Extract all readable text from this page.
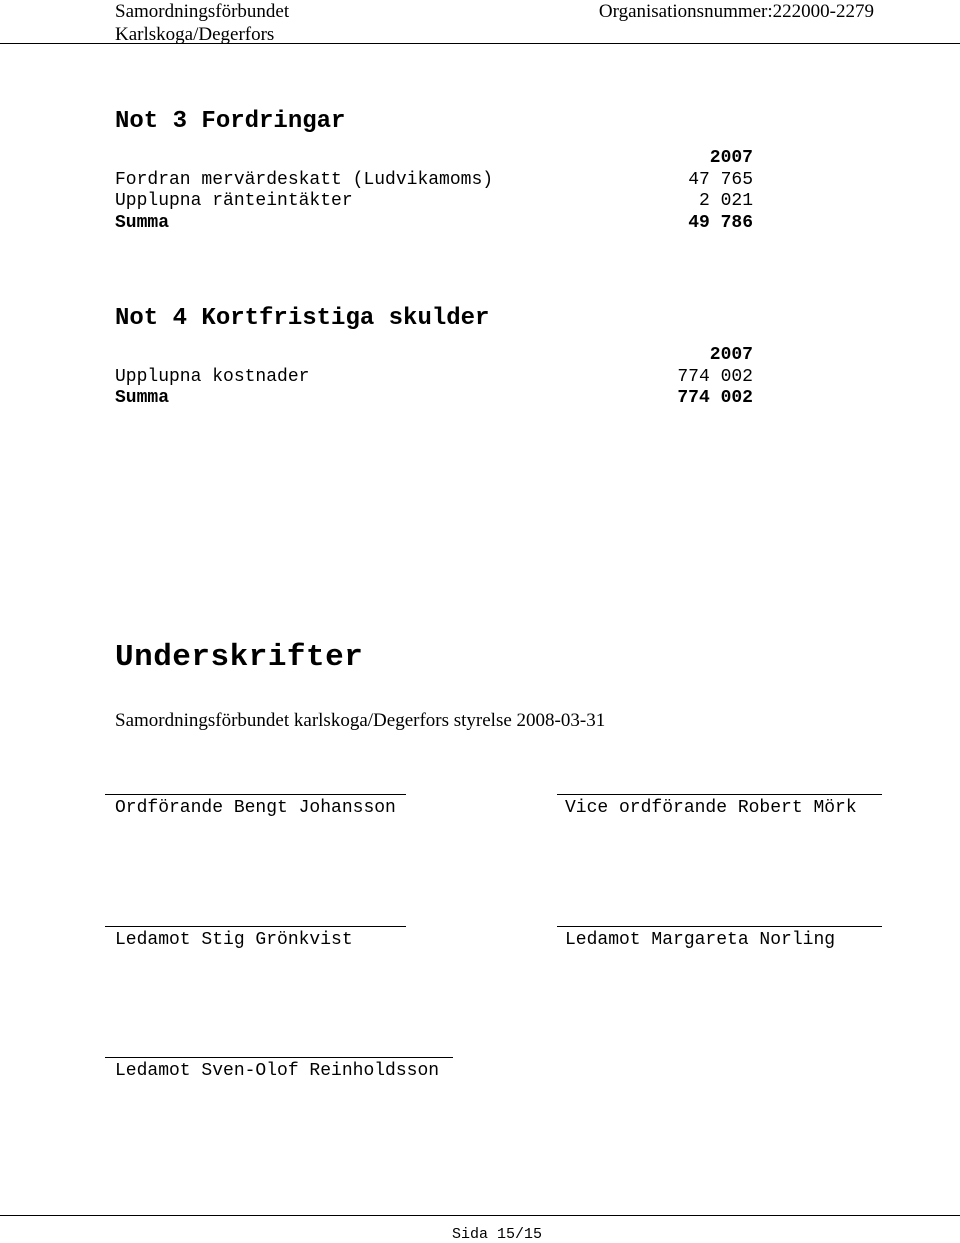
Samordningsförbundet
Karlskoga/Degerfors
Organisationsnummer:222000-2279
Not 3 Fordringar
2007
Fordran mervärdeskatt (Ludvikamoms)	47 765
Upplupna ränteintäkter	2 021
Summa	49 786
Not 4 Kortfristiga skulder
2007
Upplupna kostnader	774 002
Summa	774 002
Underskrifter
Samordningsförbundet karlskoga/Degerfors styrelse 2008-03-31
Ordförande Bengt Johansson	Vice ordförande Robert Mörk
Ledamot Stig Grönkvist	Ledamot Margareta Norling
Ledamot Sven-Olof Reinholdsson
Sida 15/15
